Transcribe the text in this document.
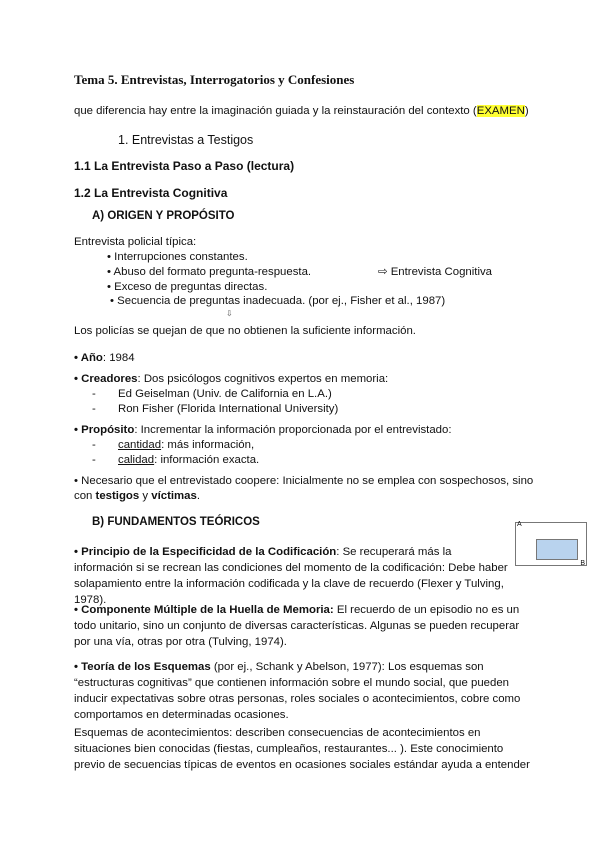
Tema 5. Entrevistas, Interrogatorios y Confesiones
que diferencia hay entre la imaginación guiada y la reinstauración del contexto (EXAMEN)
1. Entrevistas a Testigos
1.1 La Entrevista Paso a Paso (lectura)
1.2 La Entrevista Cognitiva
A) ORIGEN Y PROPÓSITO
Entrevista policial típica:
• Interrupciones constantes.
• Abuso del formato pregunta-respuesta.	⇨ Entrevista Cognitiva
• Exceso de preguntas directas.
• Secuencia de preguntas inadecuada. (por ej., Fisher et al., 1987)
⇩
Los policías se quejan de que no obtienen la suficiente información.
• Año: 1984
• Creadores: Dos psicólogos cognitivos expertos en memoria:
- Ed Geiselman (Univ. de California en L.A.)
- Ron Fisher (Florida International University)
• Propósito: Incrementar la información proporcionada por el entrevistado:
- cantidad: más información,
- calidad: información exacta.
• Necesario que el entrevistado coopere: Inicialmente no se emplea con sospechosos, sino
con testigos y víctimas.
B) FUNDAMENTOS TEÓRICOS	A
B
• Principio de la Especificidad de la Codificación: Se recuperará más la información si se recrean las condiciones del momento de la codificación: Debe haber solapamiento entre la información codificada y la clave de recuerdo (Flexer y Tulving, 1978).
• Componente Múltiple de la Huella de Memoria: El recuerdo de un episodio no es un todo unitario, sino un conjunto de diversas características. Algunas se pueden recuperar por una vía, otras por otra (Tulving, 1974).
• Teoría de los Esquemas (por ej., Schank y Abelson, 1977): Los esquemas son “estructuras cognitivas” que contienen información sobre el mundo social, que pueden inducir expectativas sobre otras personas, roles sociales o acontecimientos, cobre como comportamos en determinadas ocasiones.
Esquemas de acontecimientos: describen consecuencias de acontecimientos en situaciones bien conocidas (fiestas, cumpleaños, restaurantes... ). Este conocimiento previo de secuencias típicas de eventos en ocasiones sociales estándar ayuda a entender
